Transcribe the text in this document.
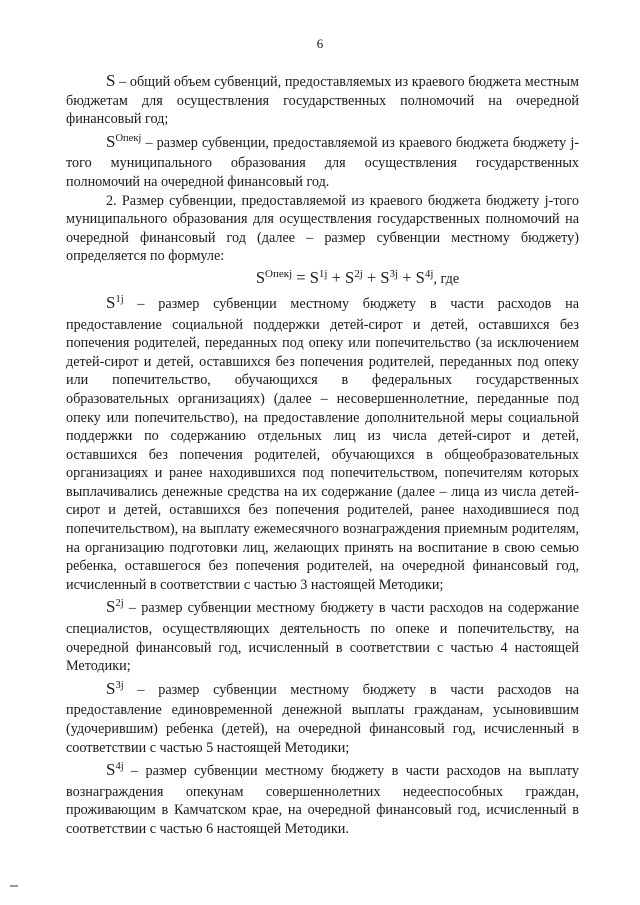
6

S – общий объем субвенций, предоставляемых из краевого бюджета местным бюджетам для осуществления государственных полномочий на очередной финансовый год;

$S^{Опекj}$ – размер субвенции, предоставляемой из краевого бюджета бюджету j-того муниципального образования для осуществления государственных полномочий на очередной финансовый год.

2. Размер субвенции, предоставляемой из краевого бюджета бюджету j-того муниципального образования для осуществления государственных полномочий на очередной финансовый год (далее – размер субвенции местному бюджету) определяется по формуле:

$S^{Опекj} = S^{1j} + S^{2j} + S^{3j} + S^{4j}$, где

$S^{1j}$ – размер субвенции местному бюджету в части расходов на предоставление социальной поддержки детей-сирот и детей, оставшихся без попечения родителей, переданных под опеку или попечительство (за исключением детей-сирот и детей, оставшихся без попечения родителей, переданных под опеку или попечительство, обучающихся в федеральных государственных образовательных организациях) (далее – несовершеннолетние, переданные под опеку или попечительство), на предоставление дополнительной меры социальной поддержки по содержанию отдельных лиц из числа детей-сирот и детей, оставшихся без попечения родителей, обучающихся в общеобразовательных организациях и ранее находившихся под попечительством, попечителям которых выплачивались денежные средства на их содержание (далее – лица из числа детей-сирот и детей, оставшихся без попечения родителей, ранее находившиеся под попечительством), на выплату ежемесячного вознаграждения приемным родителям, на организацию подготовки лиц, желающих принять на воспитание в свою семью ребенка, оставшегося без попечения родителей, на очередной финансовый год, исчисленный в соответствии с частью 3 настоящей Методики;

$S^{2j}$ – размер субвенции местному бюджету в части расходов на содержание специалистов, осуществляющих деятельность по опеке и попечительству, на очередной финансовый год, исчисленный в соответствии с частью 4 настоящей Методики;

$S^{3j}$ – размер субвенции местному бюджету в части расходов на предоставление единовременной денежной выплаты гражданам, усыновившим (удочерившим) ребенка (детей), на очередной финансовый год, исчисленный в соответствии с частью 5 настоящей Методики;

$S^{4j}$ – размер субвенции местному бюджету в части расходов на выплату вознаграждения опекунам совершеннолетних недееспособных граждан, проживающим в Камчатском крае, на очередной финансовый год, исчисленный в соответствии с частью 6 настоящей Методики.
